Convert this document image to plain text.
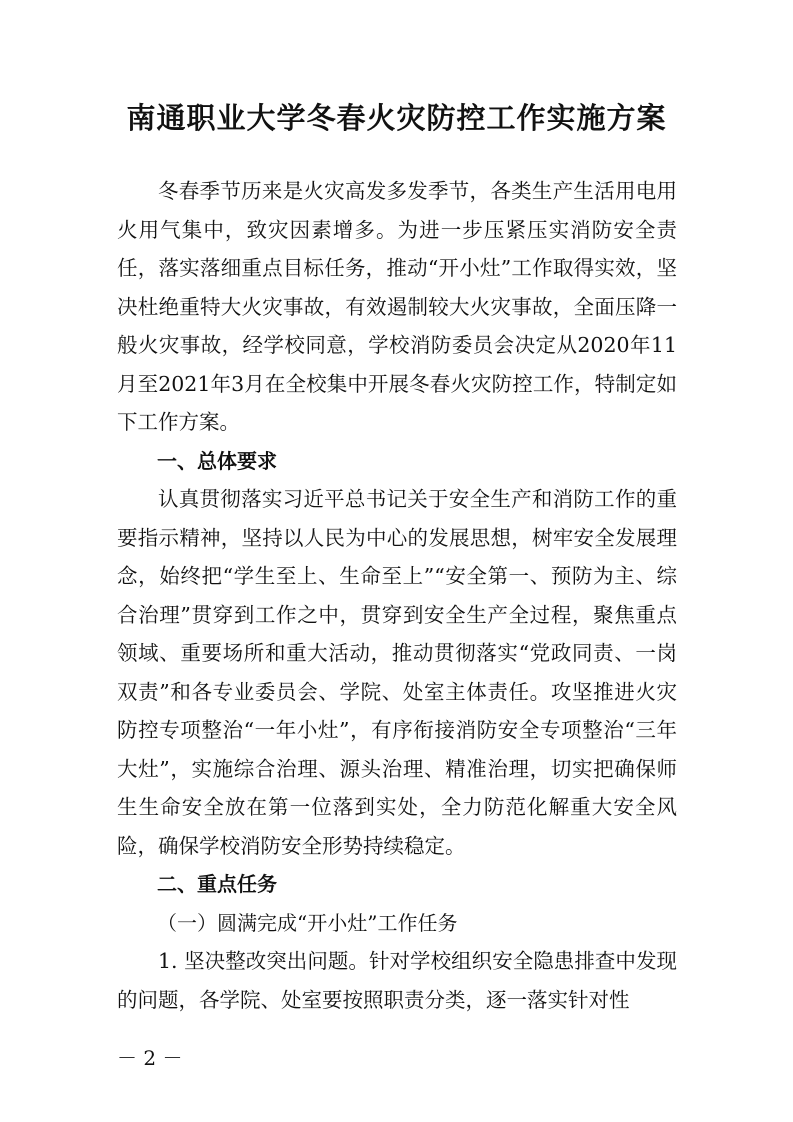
南通职业大学冬春火灾防控工作实施方案

冬春季节历来是火灾高发多发季节，各类生产生活用电用火用气集中，致灾因素增多。为进一步压紧压实消防安全责任，落实落细重点目标任务，推动“开小灶”工作取得实效，坚决杜绝重特大火灾事故，有效遏制较大火灾事故，全面压降一般火灾事故，经学校同意，学校消防委员会决定从2020年11月至2021年3月在全校集中开展冬春火灾防控工作，特制定如下工作方案。

一、总体要求

认真贯彻落实习近平总书记关于安全生产和消防工作的重要指示精神，坚持以人民为中心的发展思想，树牢安全发展理念，始终把“学生至上、生命至上”“安全第一、预防为主、综合治理”贯穿到工作之中，贯穿到安全生产全过程，聚焦重点领域、重要场所和重大活动，推动贯彻落实“党政同责、一岗双责”和各专业委员会、学院、处室主体责任。攻坚推进火灾防控专项整治“一年小灶”，有序衔接消防安全专项整治“三年大灶”，实施综合治理、源头治理、精准治理，切实把确保师生生命安全放在第一位落到实处，全力防范化解重大安全风险，确保学校消防安全形势持续稳定。

二、重点任务

（一）圆满完成“开小灶”工作任务

1. 坚决整改突出问题。针对学校组织安全隐患排查中发现的问题，各学院、处室要按照职责分类，逐一落实针对性

－ 2 －
